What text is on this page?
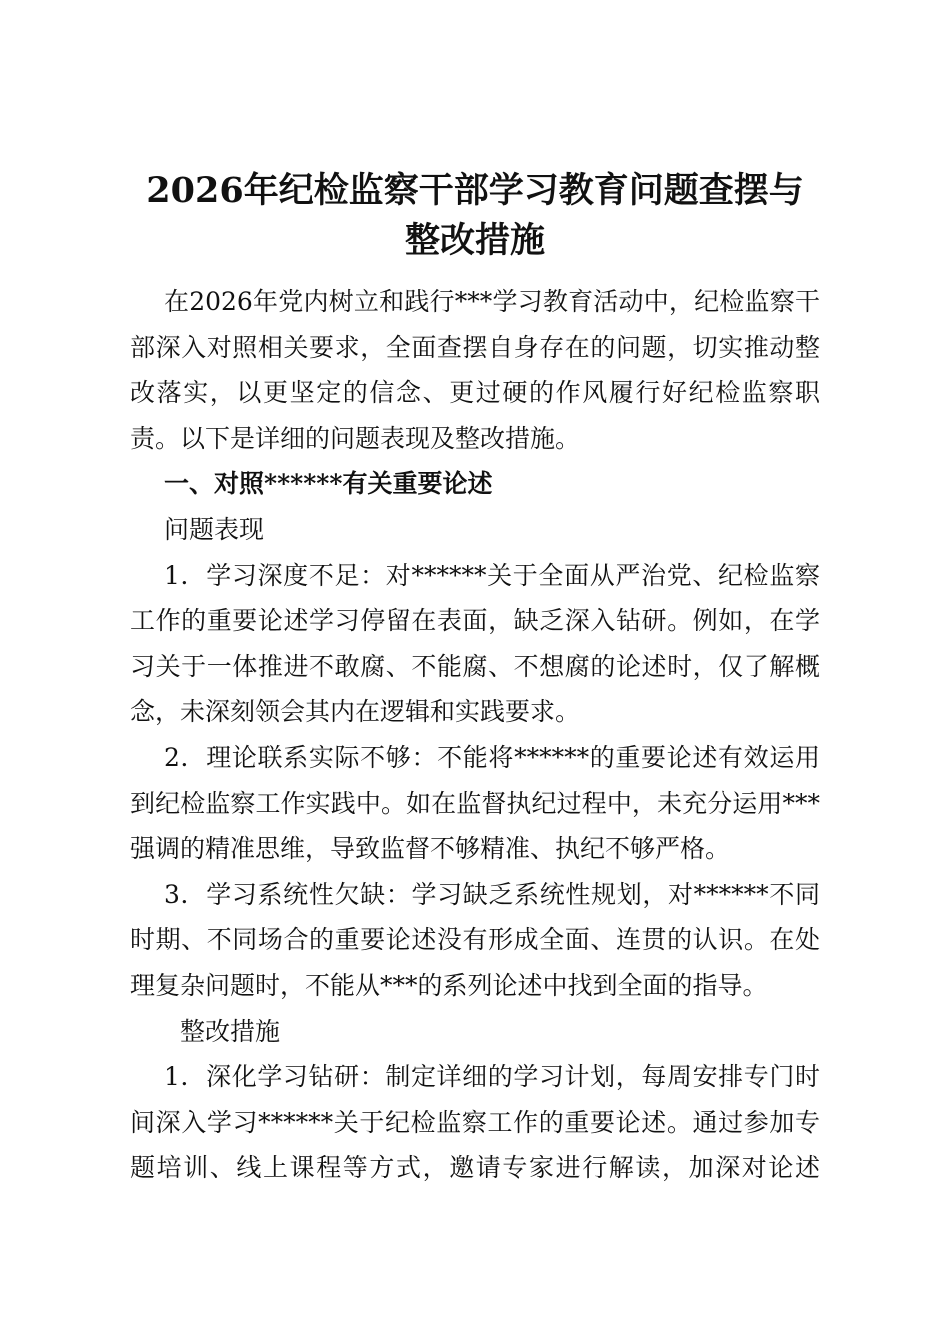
2026年纪检监察干部学习教育问题查摆与
整改措施
在2026年党内树立和践行***学习教育活动中，纪检监察干
部深入对照相关要求，全面查摆自身存在的问题，切实推动整
改落实，以更坚定的信念、更过硬的作风履行好纪检监察职
责。以下是详细的问题表现及整改措施。
一、对照******有关重要论述
问题表现
1．学习深度不足：对******关于全面从严治党、纪检监察
工作的重要论述学习停留在表面，缺乏深入钻研。例如，在学
习关于一体推进不敢腐、不能腐、不想腐的论述时，仅了解概
念，未深刻领会其内在逻辑和实践要求。
2．理论联系实际不够：不能将******的重要论述有效运用
到纪检监察工作实践中。如在监督执纪过程中，未充分运用***
强调的精准思维，导致监督不够精准、执纪不够严格。
3．学习系统性欠缺：学习缺乏系统性规划，对******不同
时期、不同场合的重要论述没有形成全面、连贯的认识。在处
理复杂问题时，不能从***的系列论述中找到全面的指导。
整改措施
1．深化学习钻研：制定详细的学习计划，每周安排专门时
间深入学习******关于纪检监察工作的重要论述。通过参加专
题培训、线上课程等方式，邀请专家进行解读，加深对论述
